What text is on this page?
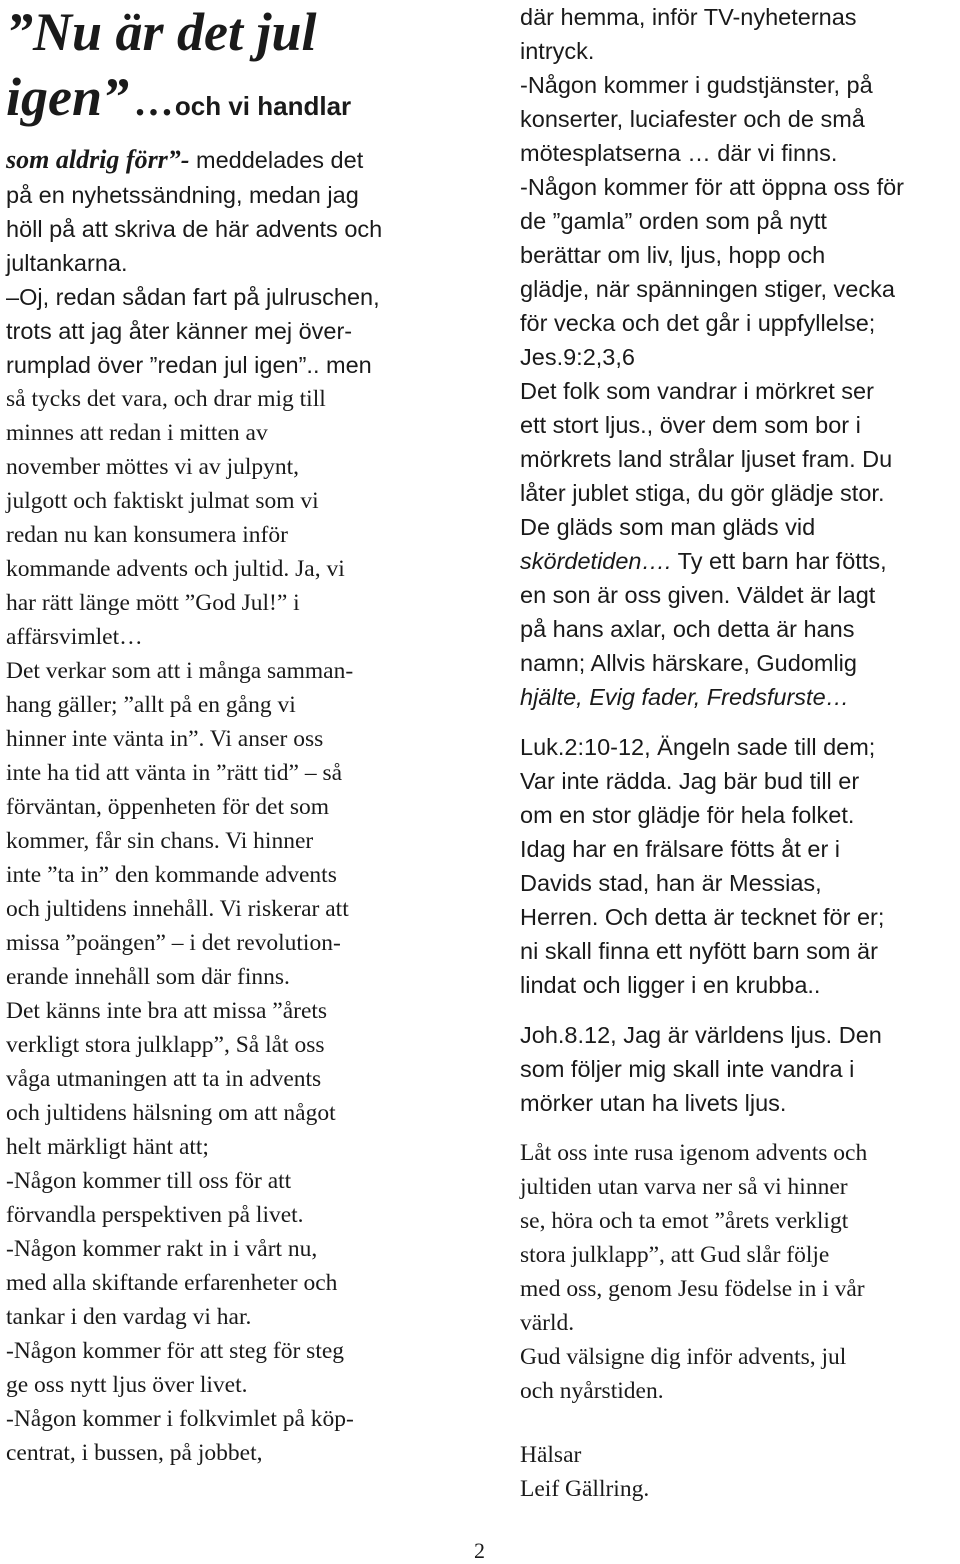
”Nu är det jul
igen” …och vi handlar
som aldrig förr”- meddelades det
på en nyhetssändning, medan jag
höll på att skriva de här advents och
jultankarna.
–Oj, redan sådan fart på julruschen,
trots att jag åter känner mej över-
rumplad över ”redan jul igen”.. men
så tycks det vara, och drar mig till
minnes att redan i mitten av
november möttes vi av julpynt,
julgott och faktiskt julmat som vi
redan nu kan konsumera inför
kommande advents och jultid. Ja, vi
har rätt länge mött ”God Jul!” i
affärsvimlet…
Det verkar som att i många samman-
hang gäller; ”allt på en gång vi
hinner inte vänta in”. Vi anser oss
inte ha tid att vänta in ”rätt tid” – så
förväntan, öppenheten för det som
kommer, får sin chans. Vi hinner
inte ”ta in” den kommande advents
och jultidens innehåll. Vi riskerar att
missa ”poängen” – i det revolution-
erande innehåll som där finns.
Det känns inte bra att missa ”årets
verkligt stora julklapp”, Så låt oss
våga utmaningen att ta in advents
och jultidens hälsning om att något
helt märkligt hänt att;
-Någon kommer till oss för att
förvandla perspektiven på livet.
-Någon kommer rakt in i vårt nu,
med alla skiftande erfarenheter och
tankar i den vardag vi har.
-Någon kommer för att steg för steg
ge oss nytt ljus över livet.
-Någon kommer i folkvimlet på köp-
centrat, i bussen, på jobbet,
där hemma, inför TV-nyheternas
intryck.
-Någon kommer i gudstjänster, på
konserter, luciafester och de små
mötesplatserna … där vi finns.
-Någon kommer för att öppna oss för
de ”gamla” orden som på nytt
berättar om liv, ljus, hopp och
glädje, när spänningen stiger, vecka
för vecka och det går i uppfyllelse;
Jes.9:2,3,6
Det folk som vandrar i mörkret ser
ett stort ljus., över dem som bor i
mörkrets land strålar ljuset fram. Du
låter jublet stiga, du gör glädje stor.
De gläds som man gläds vid
skördetiden…. Ty ett barn har fötts,
en son är oss given. Väldet är lagt
på hans axlar, och detta är hans
namn; Allvis härskare, Gudomlig
hjälte, Evig fader, Fredsfurste…
Luk.2:10-12, Ängeln sade till dem;
Var inte rädda. Jag bär bud till er
om en stor glädje för hela folket.
Idag har en frälsare fötts åt er i
Davids stad, han är Messias,
Herren. Och detta är tecknet för er;
ni skall finna ett nyfött barn som är
lindat och ligger i en krubba..
Joh.8.12, Jag är världens ljus. Den
som följer mig skall inte vandra i
mörker utan ha livets ljus.
Låt oss inte rusa igenom advents och
jultiden utan varva ner så vi hinner
se, höra och ta emot ”årets verkligt
stora julklapp”, att Gud slår följe
med oss, genom Jesu födelse in i vår
värld.
Gud välsigne dig inför advents, jul
och nyårstiden.
Hälsar
Leif Gällring.
2
